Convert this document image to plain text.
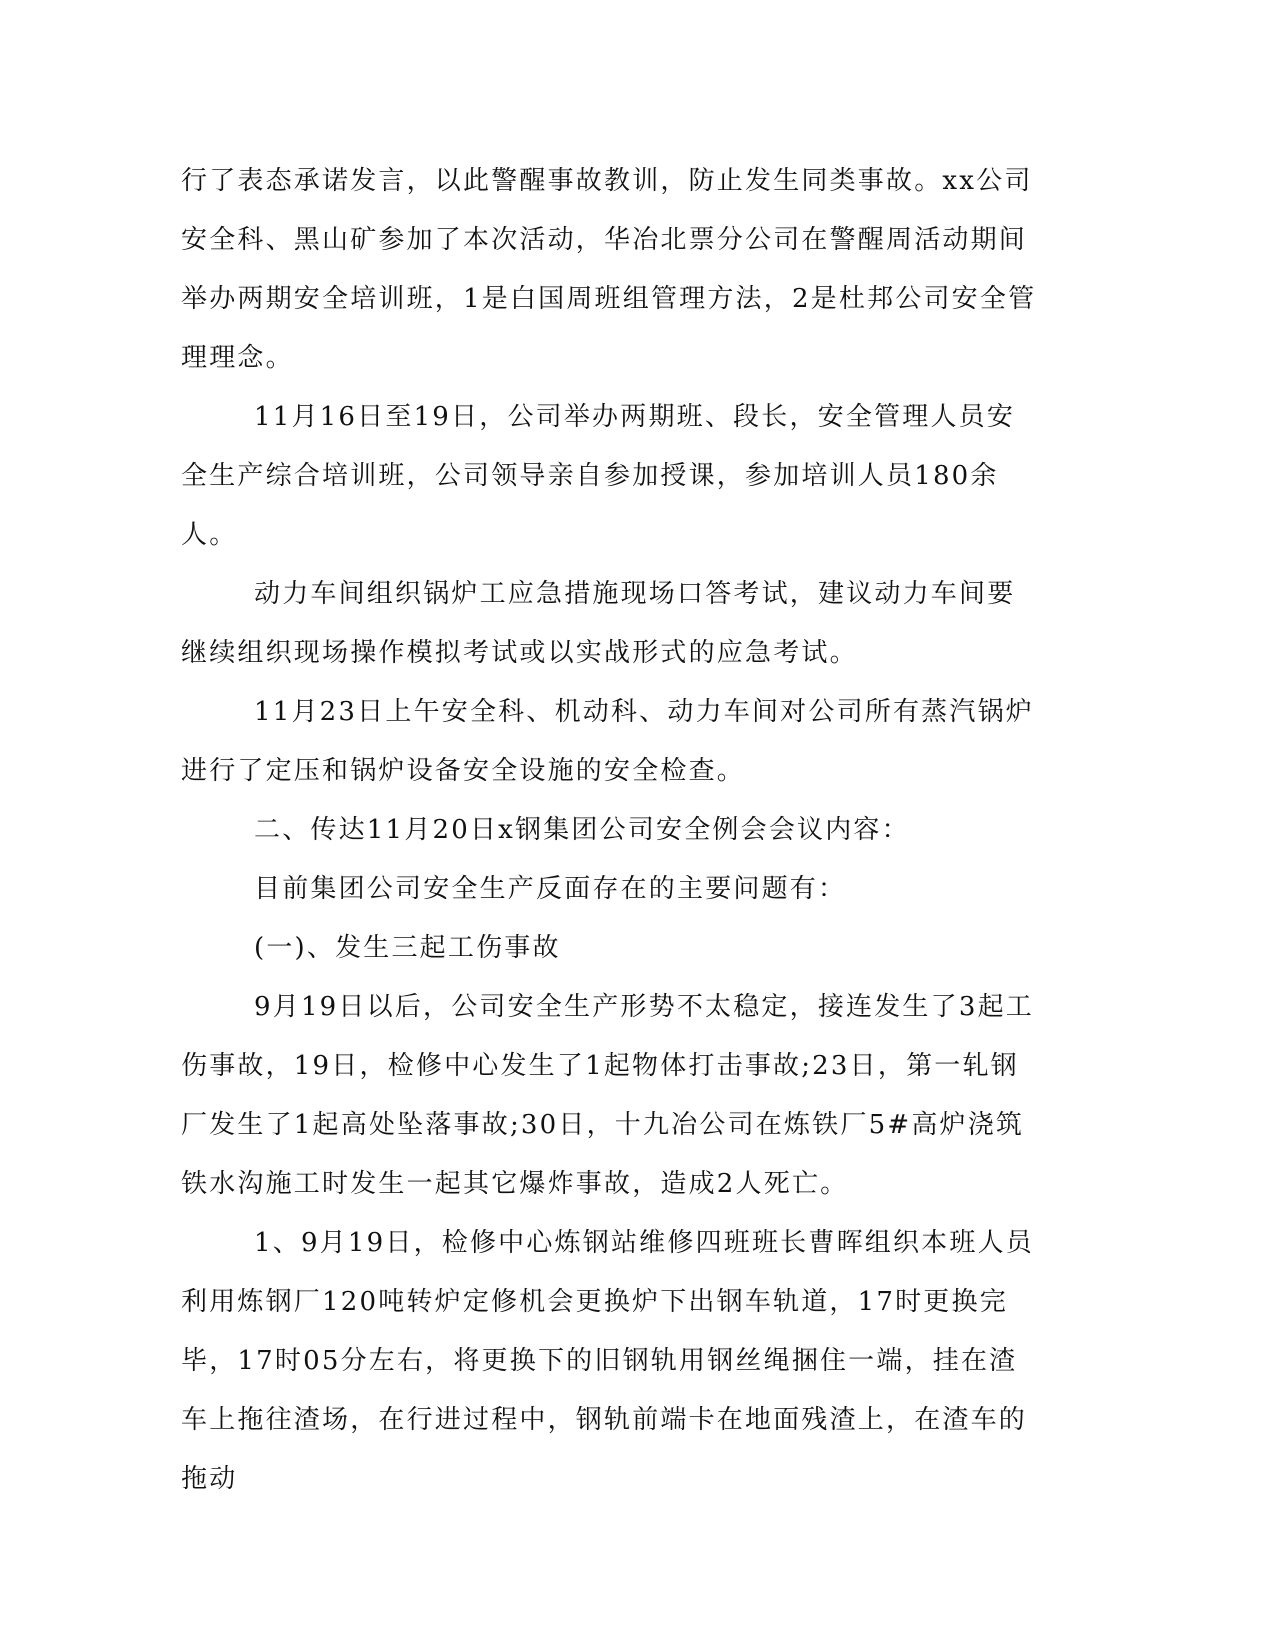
行了表态承诺发言，以此警醒事故教训，防止发生同类事故。xx公司安全科、黑山矿参加了本次活动，华冶北票分公司在警醒周活动期间举办两期安全培训班，1是白国周班组管理方法，2是杜邦公司安全管理理念。

11月16日至19日，公司举办两期班、段长，安全管理人员安全生产综合培训班，公司领导亲自参加授课，参加培训人员180余人。

动力车间组织锅炉工应急措施现场口答考试，建议动力车间要继续组织现场操作模拟考试或以实战形式的应急考试。

11月23日上午安全科、机动科、动力车间对公司所有蒸汽锅炉进行了定压和锅炉设备安全设施的安全检查。

二、传达11月20日x钢集团公司安全例会会议内容：

目前集团公司安全生产反面存在的主要问题有：

(一)、发生三起工伤事故

9月19日以后，公司安全生产形势不太稳定，接连发生了3起工伤事故，19日，检修中心发生了1起物体打击事故;23日，第一轧钢厂发生了1起高处坠落事故;30日，十九冶公司在炼铁厂5#高炉浇筑铁水沟施工时发生一起其它爆炸事故，造成2人死亡。

1、9月19日，检修中心炼钢站维修四班班长曹晖组织本班人员利用炼钢厂120吨转炉定修机会更换炉下出钢车轨道，17时更换完毕，17时05分左右，将更换下的旧钢轨用钢丝绳捆住一端，挂在渣车上拖往渣场，在行进过程中，钢轨前端卡在地面残渣上，在渣车的拖动
